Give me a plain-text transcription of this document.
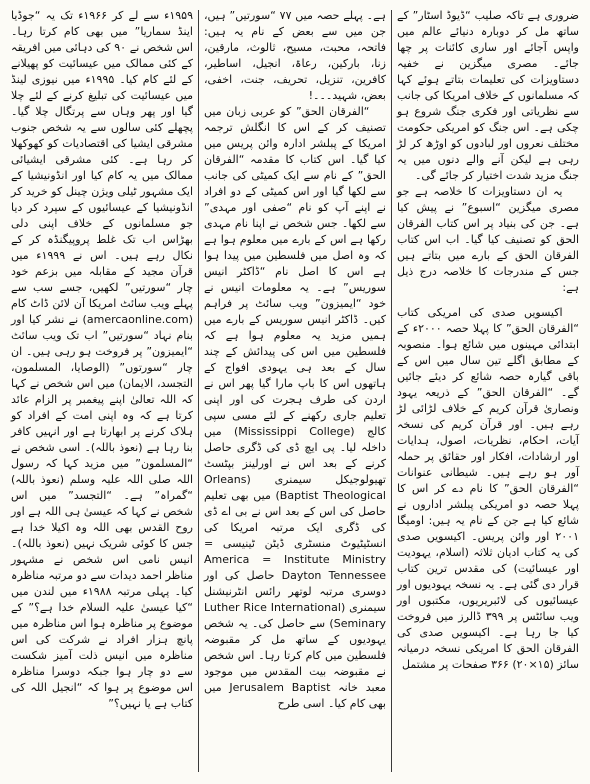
ضروری ہے تاکہ صلیب “ڈیوڈ اسٹار” کے ساتھ مل کر دوبارہ دنیائے عالم میں واپس آجائے اور ساری کائنات پر چھا جائے۔ مصری میگزین نے خفیہ دستاویزات کی تعلیمات بتاتے ہوئے کہا کہ مسلمانوں کے خلاف امریکا کی جانب سے نظریاتی اور فکری جنگ شروع ہو چکی ہے۔ اس جنگ کو امریکی حکومت مختلف نعروں اور لبادوں کو اوڑھ کر لڑ رہی ہے لیکن آنے والے دنوں میں یہ جنگ مزید شدت اختیار کر جائے گی۔

یہ ان دستاویزات کا خلاصہ ہے جو مصری میگزین “اسبوع” نے پیش کیا ہے۔ جن کی بنیاد پر اس کتاب الفرقان الحق کو تصنیف کیا گیا۔ اب اس کتاب الفرقان الحق کے بارے میں بتاتے ہیں جس کے مندرجات کا خلاصہ درج ذیل ہے:

اکیسویں صدی کی امریکی کتاب “الفرقان الحق” کا پہلا حصہ ۲۰۰۰ء کے ابتدائی مہینوں میں شائع ہوا۔ منصوبہ کے مطابق اگلے تین سال میں اس کے باقی گیارہ حصہ شائع کر دیئے جائیں گے۔ “الفرقان الحق” کے ذریعہ یہود ونصاریٰ قرآن کریم کے خلاف لڑائی لڑ رہے ہیں۔ اور قرآن کریم کی نسخہ آیات، احکام، نظریات، اصول، ہدایات اور ارشادات، افکار اور حقائق پر حملہ آور ہو رہے ہیں۔ شیطانی عنوانات “الفرقان الحق” کا نام دے کر اس کا پہلا حصہ دو امریکی پبلشر اداروں نے شائع کیا ہے جن کے نام یہ ہیں: اومیگا ۲۰۰۱ اور وائن پریس۔ اکیسویں صدی کی یہ کتاب ادیان ثلاثہ (اسلام، یہودیت اور عیسائیت) کی مقدس ترین کتاب قرار دی گئی ہے۔ یہ نسخہ یہودیوں اور عیسائیوں کی لائبریریوں، مکتبوں اور ویب سائٹس پر ۳۹۹ ڈالرز میں فروخت کیا جا رہا ہے۔ اکیسویں صدی کی الفرقان الحق کا امریکی نسخہ درمیانہ سائز (۱۵×۲۰) ۳۶۶ صفحات پر مشتمل

ہے۔ پہلے حصہ میں ۷۷ “سورتیں” ہیں، جن میں سے بعض کے نام یہ ہیں: فاتحہ، محبت، مسیح، ثالوث، مارقین، زنا، بارکین، رعاۃ، انجیل، اساطیر، کافرین، تنزیل، تحریف، جنت، اخفی، بعض، شہید۔۔۔!

“الفرقان الحق” کو عربی زبان میں تصنیف کر کے اس کا انگلش ترجمہ امریکا کے پبلشر ادارہ وائن پریس میں کیا گیا۔ اس کتاب کا مقدمہ “الفرقان الحق” کے نام سے ایک کمیٹی کی جانب سے لکھا گیا اور اس کمیٹی کے دو افراد نے اپنے آپ کو نام “صفی اور مہدی” سے لکھا۔ جس شخص نے اپنا نام مہدی رکھا ہے اس کے بارے میں معلوم ہوا ہے کہ وہ اصل میں فلسطین میں پیدا ہوا ہے اس کا اصل نام “ڈاکٹر انیس سوریس” ہے۔ یہ معلومات انیس نے خود “ایمیزون” ویب سائٹ پر فراہم کیں۔ ڈاکٹر انیس سوریس کے بارے میں ہمیں مزید یہ معلوم ہوا ہے کہ فلسطین میں اس کی پیدائش کے چند سال کے بعد ہی یہودی افواج کے ہاتھوں اس کا باپ مارا گیا پھر اس نے اردن کی طرف ہجرت کی اور اپنی تعلیم جاری رکھنے کے لئے مسی سپی کالج (Mississippi College) میں داخلہ لیا۔ پی ایچ ڈی کی ڈگری حاصل کرنے کے بعد اس نے اورلینز بپٹسٹ تھیولوجیکل سیمنری (Orleans Baptist Theological) میں بھی تعلیم حاصل کی اس کے بعد اس نے بی اے ڈی کی ڈگری ایک مرتبہ امریکا کی انسٹیٹیوٹ منسٹری ڈیٹن ٹینیسی = America = Institute Ministry Dayton Tennessee حاصل کی اور دوسری مرتبہ لوتھر رائس انٹرنیشنل سیمنری (Luther Rice International Seminary) سے حاصل کی۔ یہ شخص یہودیوں کے ساتھ مل کر مقبوضہ فلسطین میں کام کرتا رہا۔ اس شخص نے مقبوضہ بیت المقدس میں موجود معبد خانہ Jerusalem Baptist میں بھی کام کیا۔ اسی طرح

۱۹۵۹ء سے لے کر ۱۹۶۶ء تک یہ “جوڈیا اینڈ سماریا” میں بھی کام کرتا رہا۔ اس شخص نے ۹۰ کی دہائی میں افریقہ کے کئی ممالک میں عیسائیت کو پھیلانے کے لئے کام کیا۔ ۱۹۹۵ء میں نیوزی لینڈ میں عیسائیت کی تبلیغ کرنے کے لئے چلا گیا اور پھر وہاں سے پرتگال چلا گیا۔ پچھلے کئی سالوں سے یہ شخص جنوب مشرقی ایشیا کی اقتصادیات کو کھوکھلا کر رہا ہے۔ کئی مشرقی ایشیائی ممالک میں یہ کام کیا اور انڈونیشیا کے ایک مشہور ٹیلی ویژن چینل کو خرید کر انڈونیشیا کے عیسائیوں کے سپرد کر دیا جو مسلمانوں کے خلاف اپنی دلی بھڑاس اب تک غلط پروپیگنڈہ کر کے نکال رہے ہیں۔ اس نے ۱۹۹۹ء میں قرآن مجید کے مقابلہ میں بزعم خود چار “سورتیں” لکھیں، جسے سب سے پہلے ویب سائٹ امریکا آن لائن ڈاٹ کام (amercaonline.com) نے نشر کیا اور بنام نہاد “سورتیں” اب تک ویب سائٹ “ایمیزون” پر فروخت ہو رہی ہیں۔ ان چار “سورتوں” (الوصایا، المسلمون، التجسد، الایمان) میں اس شخص نے کہا کہ اللہ تعالیٰ اپنے پیغمبر پر الزام عائد کرتا ہے کہ وہ اپنی امت کے افراد کو ہلاک کرنے پر ابھارتا ہے اور انہیں کافر بنا رہا ہے (نعوذ باللہ)۔ اسی شخص نے “المسلمون” میں مزید کہا کہ رسول اللہ صلی اللہ علیہ وسلم (نعوذ باللہ) “گمراہ” ہے۔ “التجسد” میں اس شخص نے کہا کہ عیسیٰ ہی اللہ ہے اور روح القدس بھی اللہ وہ اکیلا خدا ہے جس کا کوئی شریک نہیں (نعوذ باللہ)۔ انیس نامی اس شخص نے مشہور مناظر احمد دیدات سے دو مرتبہ مناظرہ کیا۔ پہلی مرتبہ ۱۹۸۸ء میں لندن میں “کیا عیسیٰ علیہ السلام خدا ہے؟” کے موضوع پر مناظرہ ہوا اس مناظرہ میں پانچ ہزار افراد نے شرکت کی اس مناظرہ میں انیس ذلت آمیز شکست سے دو چار ہوا جبکہ دوسرا مناظرہ اس موضوع پر ہوا کہ “انجیل اللہ کی کتاب ہے یا نہیں؟”
